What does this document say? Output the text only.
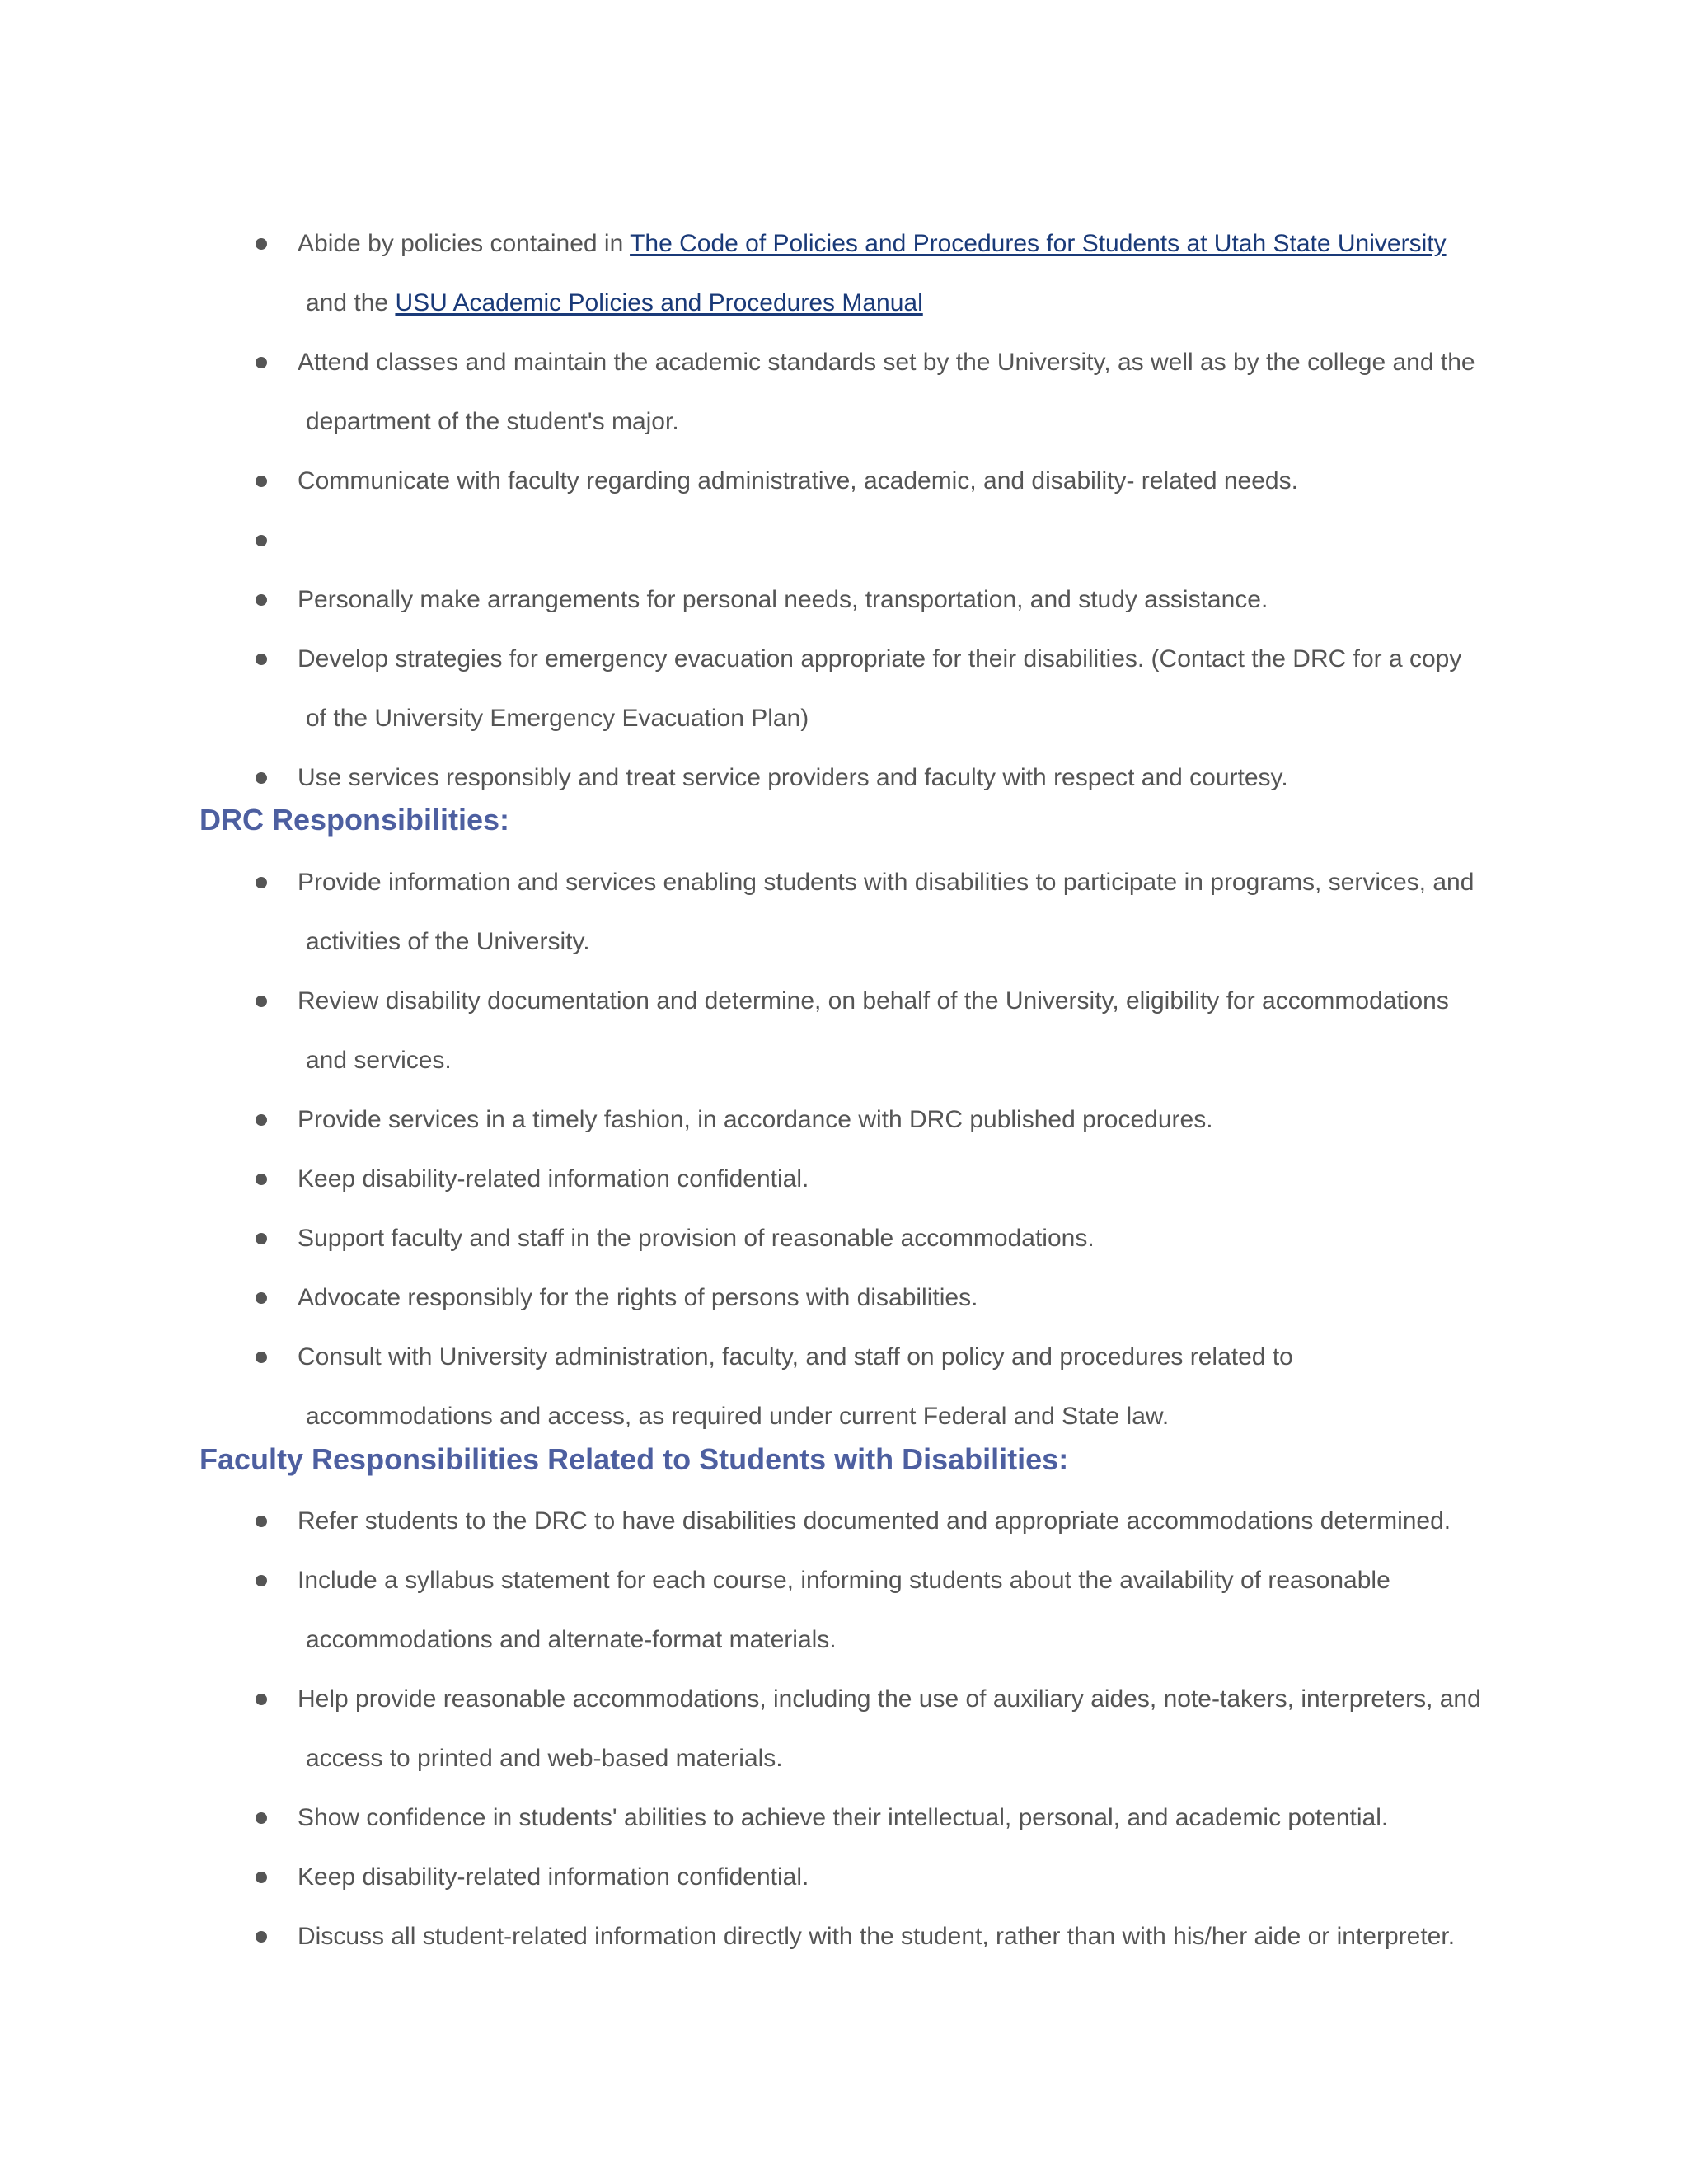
Abide by policies contained in The Code of Policies and Procedures for Students at Utah State University
and the USU Academic Policies and Procedures Manual
Attend classes and maintain the academic standards set by the University, as well as by the college and the
department of the student's major.
Communicate with faculty regarding administrative, academic, and disability- related needs.
Personally make arrangements for personal needs, transportation, and study assistance.
Develop strategies for emergency evacuation appropriate for their disabilities. (Contact the DRC for a copy
of the University Emergency Evacuation Plan)
Use services responsibly and treat service providers and faculty with respect and courtesy.
DRC Responsibilities:
Provide information and services enabling students with disabilities to participate in programs, services, and
activities of the University.
Review disability documentation and determine, on behalf of the University, eligibility for accommodations
and services.
Provide services in a timely fashion, in accordance with DRC published procedures.
Keep disability-related information confidential.
Support faculty and staff in the provision of reasonable accommodations.
Advocate responsibly for the rights of persons with disabilities.
Consult with University administration, faculty, and staff on policy and procedures related to
accommodations and access, as required under current Federal and State law.
Faculty Responsibilities Related to Students with Disabilities:
Refer students to the DRC to have disabilities documented and appropriate accommodations determined.
Include a syllabus statement for each course, informing students about the availability of reasonable
accommodations and alternate-format materials.
Help provide reasonable accommodations, including the use of auxiliary aides, note-takers, interpreters, and
access to printed and web-based materials.
Show confidence in students' abilities to achieve their intellectual, personal, and academic potential.
Keep disability-related information confidential.
Discuss all student-related information directly with the student, rather than with his/her aide or interpreter.
